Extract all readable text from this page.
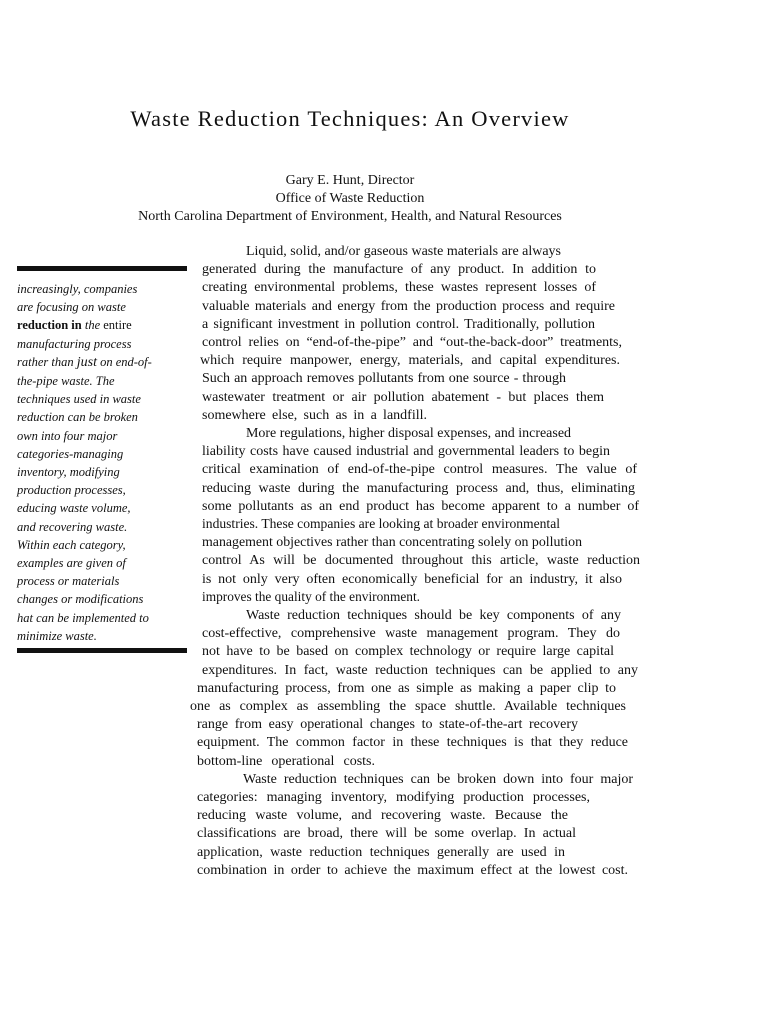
Waste Reduction Techniques: An Overview
Gary E. Hunt, Director
Office of Waste Reduction
North Carolina Department of Environment, Health, and Natural Resources
increasingly, companies
are focusing on waste
reduction in the entire
manufacturing process
rather than just on end-of-
the-pipe waste. The
techniques used in waste
reduction can be broken
own into four major
categories-managing
inventory, modifying
production processes,
educing waste volume,
and recovering waste.
Within each category,
examples are given of
process or materials
changes or modifications
hat can be implemented to
minimize waste.
Liquid, solid, and/or gaseous waste materials are always
generated during the manufacture of any product. In addition to
creating environmental problems, these wastes represent losses of
valuable materials and energy from the production process and require
a significant investment in pollution control. Traditionally, pollution
control relies on “end-of-the-pipe” and “out-the-back-door” treatments,
which require manpower, energy, materials, and capital expenditures.
Such an approach removes pollutants from one source - through
wastewater treatment or air pollution abatement - but places them
somewhere else, such as in a landfill.
More regulations, higher disposal expenses, and increased
liability costs have caused industrial and governmental leaders to begin
critical examination of end-of-the-pipe control measures. The value of
reducing waste during the manufacturing process and, thus, eliminating
some pollutants as an end product has become apparent to a number of
industries. These companies are looking at broader environmental
management objectives rather than concentrating solely on pollution
control As will be documented throughout this article, waste reduction
is not only very often economically beneficial for an industry, it also
improves the quality of the environment.
Waste reduction techniques should be key components of any
cost-effective, comprehensive waste management program. They do
not have to be based on complex technology or require large capital
expenditures. In fact, waste reduction techniques can be applied to any
manufacturing process, from one as simple as making a paper clip to
one as complex as assembling the space shuttle. Available techniques
range from easy operational changes to state-of-the-art recovery
equipment. The common factor in these techniques is that they reduce
bottom-line operational costs.
Waste reduction techniques can be broken down into four major
categories: managing inventory, modifying production processes,
reducing waste volume, and recovering waste. Because the
classifications are broad, there will be some overlap. In actual
application, waste reduction techniques generally are used in
combination in order to achieve the maximum effect at the lowest cost.
